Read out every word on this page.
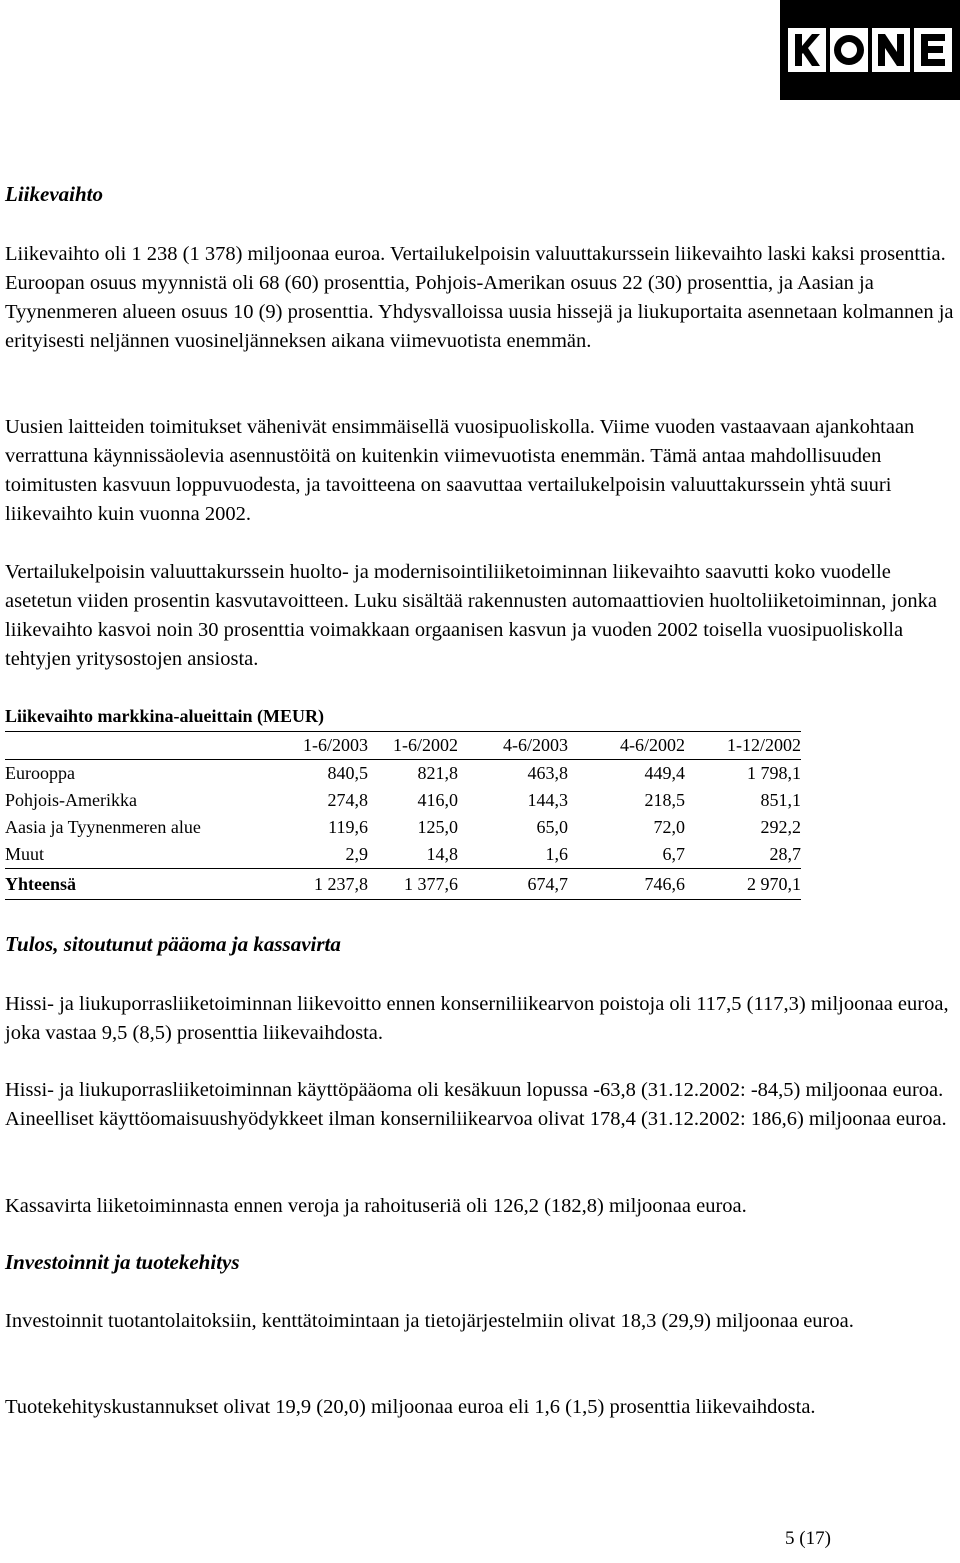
Liikevaihto

Liikevaihto oli 1 238 (1 378) miljoonaa euroa. Vertailukelpoisin valuuttakurssein liikevaihto laski kaksi prosenttia. Euroopan osuus myynnistä oli 68 (60) prosenttia, Pohjois-Amerikan osuus 22 (30) prosenttia, ja Aasian ja Tyynenmeren alueen osuus 10 (9) prosenttia. Yhdysvalloissa uusia hissejä ja liukuportaita asennetaan kolmannen ja erityisesti neljännen vuosineljänneksen aikana viimevuotista enemmän.

Uusien laitteiden toimitukset vähenivät ensimmäisellä vuosipuoliskolla. Viime vuoden vastaavaan ajankohtaan verrattuna käynnissäolevia asennustöitä on kuitenkin viimevuotista enemmän. Tämä antaa mahdollisuuden toimitusten kasvuun loppuvuodesta, ja tavoitteena on saavuttaa vertailukelpoisin valuuttakurssein yhtä suuri liikevaihto kuin vuonna 2002.

Vertailukelpoisin valuuttakurssein huolto- ja modernisointiliiketoiminnan liikevaihto saavutti koko vuodelle asetetun viiden prosentin kasvutavoitteen. Luku sisältää rakennusten automaattiovien huoltoliiketoiminnan, jonka liikevaihto kasvoi noin 30 prosenttia voimakkaan orgaanisen kasvun ja vuoden 2002 toisella vuosipuoliskolla tehtyjen yritysostojen ansiosta.

Liikevaihto markkina-alueittain (MEUR)
	1-6/2003	1-6/2002	4-6/2003	4-6/2002	1-12/2002
Eurooppa	840,5	821,8	463,8	449,4	1 798,1
Pohjois-Amerikka	274,8	416,0	144,3	218,5	851,1
Aasia ja Tyynenmeren alue	119,6	125,0	65,0	72,0	292,2
Muut	2,9	14,8	1,6	6,7	28,7
Yhteensä	1 237,8	1 377,6	674,7	746,6	2 970,1
Tulos, sitoutunut pääoma ja kassavirta

Hissi- ja liukuporrasliiketoiminnan liikevoitto ennen konserniliikearvon poistoja oli 117,5 (117,3) miljoonaa euroa, joka vastaa 9,5 (8,5) prosenttia liikevaihdosta.

Hissi- ja liukuporrasliiketoiminnan käyttöpääoma oli kesäkuun lopussa -63,8 (31.12.2002: -84,5) miljoonaa euroa. Aineelliset käyttöomaisuushyödykkeet ilman konserniliikearvoa olivat 178,4 (31.12.2002: 186,6) miljoonaa euroa.

Kassavirta liiketoiminnasta ennen veroja ja rahoituseriä oli 126,2 (182,8) miljoonaa euroa.

Investoinnit ja tuotekehitys

Investoinnit tuotantolaitoksiin, kenttätoimintaan ja tietojärjestelmiin olivat 18,3 (29,9) miljoonaa euroa.

Tuotekehityskustannukset olivat 19,9 (20,0) miljoonaa euroa eli 1,6 (1,5) prosenttia liikevaihdosta.

5 (17)
